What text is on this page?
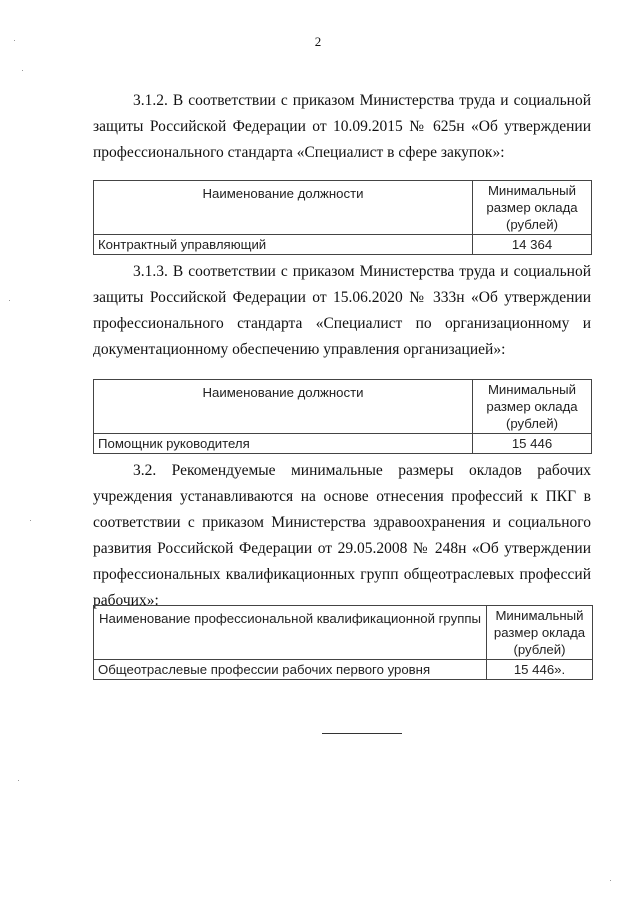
2

3.1.2. В соответствии с приказом Министерства труда и социальной защиты Российской Федерации от 10.09.2015 № 625н «Об утверждении профессионального стандарта «Специалист в сфере закупок»:

Наименование должности	Минимальный размер оклада (рублей)
Контрактный управляющий	14 364

3.1.3. В соответствии с приказом Министерства труда и социальной защиты Российской Федерации от 15.06.2020 № 333н «Об утверждении профессионального стандарта «Специалист по организационному и документационному обеспечению управления организацией»:

Наименование должности	Минимальный размер оклада (рублей)
Помощник руководителя	15 446

3.2. Рекомендуемые минимальные размеры окладов рабочих учреждения устанавливаются на основе отнесения профессий к ПКГ в соответствии с приказом Министерства здравоохранения и социального развития Российской Федерации от 29.05.2008 № 248н «Об утверждении профессиональных квалификационных групп общеотраслевых профессий рабочих»:

Наименование профессиональной квалификационной группы	Минимальный размер оклада (рублей)
Общеотраслевые профессии рабочих первого уровня	15 446».
